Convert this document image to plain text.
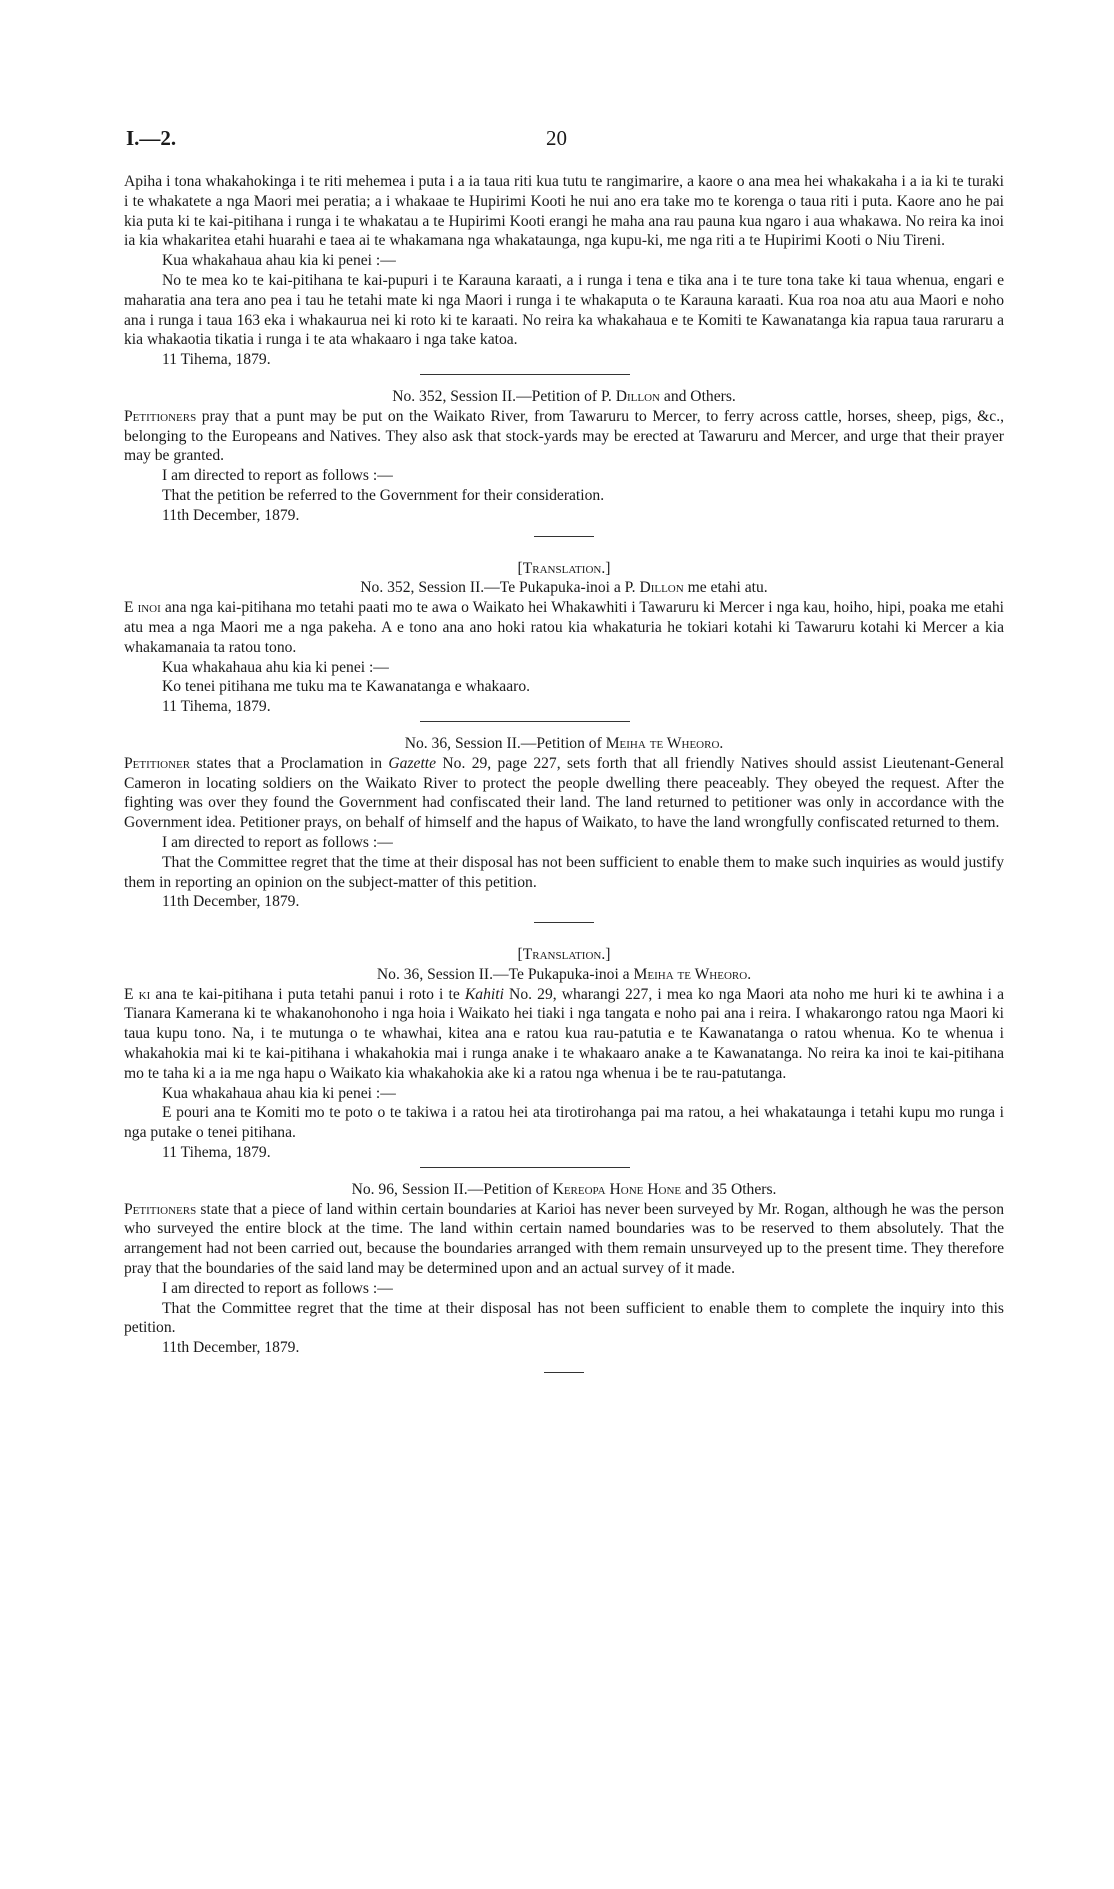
I.—2.	20

Apiha i tona whakahokinga i te riti mehemea i puta i a ia taua riti kua tutu te rangimarire, a kaore o ana mea hei whakakaha i a ia ki te turaki i te whakatete a nga Maori mei peratia; a i whakaae te Hupirimi Kooti he nui ano era take mo te korenga o taua riti i puta. Kaore ano he pai kia puta ki te kai-pitihana i runga i te whakatau a te Hupirimi Kooti erangi he maha ana rau pauna kua ngaro i aua whakawa. No reira ka inoi ia kia whakaritea etahi huarahi e taea ai te whakamana nga whakataunga, nga kupu-ki, me nga riti a te Hupirimi Kooti o Niu Tireni.

Kua whakahaua ahau kia ki penei :—

No te mea ko te kai-pitihana te kai-pupuri i te Karauna karaati, a i runga i tena e tika ana i te ture tona take ki taua whenua, engari e maharatia ana tera ano pea i tau he tetahi mate ki nga Maori i runga i te whakaputa o te Karauna karaati. Kua roa noa atu aua Maori e noho ana i runga i taua 163 eka i whakaurua nei ki roto ki te karaati. No reira ka whakahaua e te Komiti te Kawanatanga kia rapua taua raruraru a kia whakaotia tikatia i runga i te ata whakaaro i nga take katoa.

11 Tihema, 1879.

No. 352, Session II.—Petition of P. Dillon and Others.

Petitioners pray that a punt may be put on the Waikato River, from Tawaruru to Mercer, to ferry across cattle, horses, sheep, pigs, &c., belonging to the Europeans and Natives. They also ask that stock-yards may be erected at Tawaruru and Mercer, and urge that their prayer may be granted.

I am directed to report as follows :—

That the petition be referred to the Government for their consideration.

11th December, 1879.

[Translation.]

No. 352, Session II.—Te Pukapuka-inoi a P. Dillon me etahi atu.

E inoi ana nga kai-pitihana mo tetahi paati mo te awa o Waikato hei Whakawhiti i Tawaruru ki Mercer i nga kau, hoiho, hipi, poaka me etahi atu mea a nga Maori me a nga pakeha. A e tono ana ano hoki ratou kia whakaturia he tokiari kotahi ki Tawaruru kotahi ki Mercer a kia whakamanaia ta ratou tono.

Kua whakahaua ahu kia ki penei :—

Ko tenei pitihana me tuku ma te Kawanatanga e whakaaro.

11 Tihema, 1879.

No. 36, Session II.—Petition of Meiha te Wheoro.

Petitioner states that a Proclamation in Gazette No. 29, page 227, sets forth that all friendly Natives should assist Lieutenant-General Cameron in locating soldiers on the Waikato River to protect the people dwelling there peaceably. They obeyed the request. After the fighting was over they found the Government had confiscated their land. The land returned to petitioner was only in accordance with the Government idea. Petitioner prays, on behalf of himself and the hapus of Waikato, to have the land wrongfully confiscated returned to them.

I am directed to report as follows :—

That the Committee regret that the time at their disposal has not been sufficient to enable them to make such inquiries as would justify them in reporting an opinion on the subject-matter of this petition.

11th December, 1879.

[Translation.]

No. 36, Session II.—Te Pukapuka-inoi a Meiha te Wheoro.

E ki ana te kai-pitihana i puta tetahi panui i roto i te Kahiti No. 29, wharangi 227, i mea ko nga Maori ata noho me huri ki te awhina i a Tianara Kamerana ki te whakanohonoho i nga hoia i Waikato hei tiaki i nga tangata e noho pai ana i reira. I whakarongo ratou nga Maori ki taua kupu tono. Na, i te mutunga o te whawhai, kitea ana e ratou kua rau-patutia e te Kawanatanga o ratou whenua. Ko te whenua i whakahokia mai ki te kai-pitihana i whakahokia mai i runga anake i te whakaaro anake a te Kawanatanga. No reira ka inoi te kai-pitihana mo te taha ki a ia me nga hapu o Waikato kia whakahokia ake ki a ratou nga whenua i be te rau-patutanga.

Kua whakahaua ahau kia ki penei :—

E pouri ana te Komiti mo te poto o te takiwa i a ratou hei ata tirotirohanga pai ma ratou, a hei whakataunga i tetahi kupu mo runga i nga putake o tenei pitihana.

11 Tihema, 1879.

No. 96, Session II.—Petition of Kereopa Hone Hone and 35 Others.

Petitioners state that a piece of land within certain boundaries at Karioi has never been surveyed by Mr. Rogan, although he was the person who surveyed the entire block at the time. The land within certain named boundaries was to be reserved to them absolutely. That the arrangement had not been carried out, because the boundaries arranged with them remain unsurveyed up to the present time. They therefore pray that the boundaries of the said land may be determined upon and an actual survey of it made.

I am directed to report as follows :—

That the Committee regret that the time at their disposal has not been sufficient to enable them to complete the inquiry into this petition.

11th December, 1879.
